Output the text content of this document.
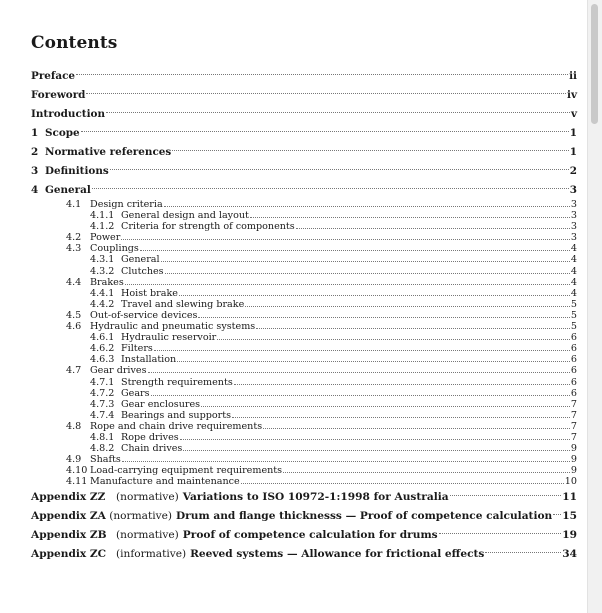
Contents
Preface	ii
Foreword	iv
Introduction	v
1 Scope	1
2 Normative references	1
3 Definitions	2
4 General	3
4.1 Design criteria	3
4.1.1 General design and layout	3
4.1.2 Criteria for strength of components	3
4.2 Power	3
4.3 Couplings	4
4.3.1 General	4
4.3.2 Clutches	4
4.4 Brakes	4
4.4.1 Hoist brake	4
4.4.2 Travel and slewing brake	5
4.5 Out-of-service devices	5
4.6 Hydraulic and pneumatic systems	5
4.6.1 Hydraulic reservoir	6
4.6.2 Filters	6
4.6.3 Installation	6
4.7 Gear drives	6
4.7.1 Strength requirements	6
4.7.2 Gears	6
4.7.3 Gear enclosures	7
4.7.4 Bearings and supports	7
4.8 Rope and chain drive requirements	7
4.8.1 Rope drives	7
4.8.2 Chain drives	9
4.9 Shafts	9
4.10 Load-carrying equipment requirements	9
4.11 Manufacture and maintenance	10
Appendix ZZ	(normative) Variations to ISO 10972-1:1998 for Australia	11
Appendix ZA (normative) Drum and flange thicknesss — Proof of competence calculation 15
Appendix ZB (normative) Proof of competence calculation for drums	19
Appendix ZC (informative) Reeved systems — Allowance for frictional effects	34
